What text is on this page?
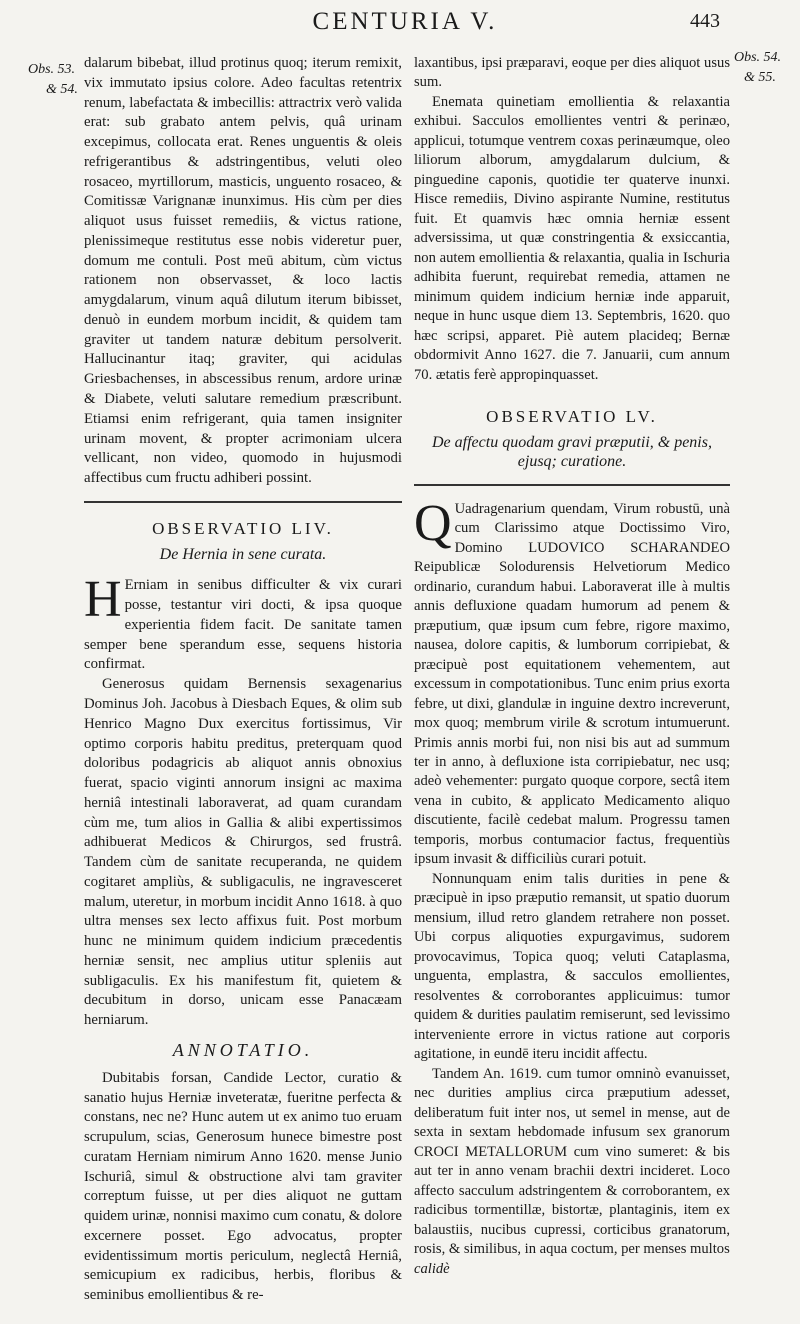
CENTURIA V.	443
Obs. 53.
& 54.
Obs. 54.
& 55.

dalarum bibebat, illud protinus quoq; iterum remixit, vix immutato ipsius colore. Adeo facultas retentrix renum, labefactata & imbecillis: attractrix verò valida erat: sub grabato antem pelvis, quâ urinam excepimus, collocata erat. Renes unguentis & oleis refrigerantibus & adstringentibus, veluti oleo rosaceo, myrtillorum, masticis, unguento rosaceo, & Comitissæ Varignanæ inunximus. His cùm per dies aliquot usus fuisset remediis, & victus ratione, plenissimeque restitutus esse nobis videretur puer, domum me contuli. Post meū abitum, cùm victus rationem non observasset, & loco lactis amygdalarum, vinum aquâ dilutum iterum bibisset, denuò in eundem morbum incidit, & quidem tam graviter ut tandem naturæ debitum persolverit. Hallucinantur itaq; graviter, qui acidulas Griesbachenses, in abscessibus renum, ardore urinæ & Diabete, veluti salutare remedium præscribunt. Etiamsi enim refrigerant, quia tamen insigniter urinam movent, & propter acrimoniam ulcera vellicant, non video, quomodo in hujusmodi affectibus cum fructu adhiberi possint.

OBSERVATIO LIV.
De Hernia in sene curata.

H Erniam in senibus difficulter & vix curari posse, testantur viri docti, & ipsa quoque experientia fidem facit. De sanitate tamen semper bene sperandum esse, sequens historia confirmat.

Generosus quidam Bernensis sexagenarius Dominus Joh. Jacobus à Diesbach Eques, & olim sub Henrico Magno Dux exercitus fortissimus, Vir optimo corporis habitu preditus, preterquam quod doloribus podagricis ab aliquot annis obnoxius fuerat, spacio viginti annorum insigni ac maxima herniâ intestinali laboraverat, ad quam curandam cùm me, tum alios in Gallia & alibi expertissimos adhibuerat Medicos & Chirurgos, sed frustrâ. Tandem cùm de sanitate recuperanda, ne quidem cogitaret ampliùs, & subligaculis, ne ingravesceret malum, uteretur, in morbum incidit Anno 1618. à quo ultra menses sex lecto affixus fuit. Post morbum hunc ne minimum quidem indicium præcedentis herniæ sensit, nec amplius utitur spleniis aut subligaculis. Ex his manifestum fit, quietem & decubitum in dorso, unicam esse Panacæam herniarum.

ANNOTATIO.

Dubitabis forsan, Candide Lector, curatio & sanatio hujus Herniæ inveteratæ, fueritne perfecta & constans, nec ne? Hunc autem ut ex animo tuo eruam scrupulum, scias, Generosum hunece bimestre post curatam Herniam nimirum Anno 1620. mense Junio Ischuriâ, simul & obstructione alvi tam graviter correptum fuisse, ut per dies aliquot ne guttam quidem urinæ, nonnisi maximo cum conatu, & dolore excernere posset. Ego advocatus, propter evidentissimum mortis periculum, neglectâ Herniâ, semicupium ex radicibus, herbis, floribus & seminibus emollientibus & re-

laxantibus, ipsi præparavi, eoque per dies aliquot usus sum.

Enemata quinetiam emollientia & relaxantia exhibui. Sacculos emollientes ventri & perinæo, applicui, totumque ventrem coxas perinæumque, oleo liliorum alborum, amygdalarum dulcium, & pinguedine caponis, quotidie ter quaterve inunxi. Hisce remediis, Divino aspirante Numine, restitutus fuit. Et quamvis hæc omnia herniæ essent adversissima, ut quæ constringentia & exsiccantia, non autem emollientia & relaxantia, qualia in Ischuria adhibita fuerunt, requirebat remedia, attamen ne minimum quidem indicium herniæ inde apparuit, neque in hunc usque diem 13. Septembris, 1620. quo hæc scripsi, apparet. Piè autem placideq; Bernæ obdormivit Anno 1627. die 7. Januarii, cum annum 70. ætatis ferè appropinquasset.

OBSERVATIO LV.
De affectu quodam gravi præputii, & penis, ejusq; curatione.

Q Uadragenarium quendam, Virum robustū, unà cum Clarissimo atque Doctissimo Viro, Domino LUDOVICO SCHARANDEO Reipublicæ Solodurensis Helvetiorum Medico ordinario, curandum habui. Laboraverat ille à multis annis defluxione quadam humorum ad penem & præputium, quæ ipsum cum febre, rigore maximo, nausea, dolore capitis, & lumborum corripiebat, & præcipuè post equitationem vehementem, aut excessum in compotationibus. Tunc enim prius exorta febre, ut dixi, glandulæ in inguine dextro increverunt, mox quoq; membrum virile & scrotum intumuerunt. Primis annis morbi fui, non nisi bis aut ad summum ter in anno, à defluxione ista corripiebatur, nec usq; adeò vehementer: purgato quoque corpore, sectâ item vena in cubito, & applicato Medicamento aliquo discutiente, facilè cedebat malum. Progressu tamen temporis, morbus contumacior factus, frequentiùs ipsum invasit & difficiliùs curari potuit.

Nonnunquam enim talis durities in pene & præcipuè in ipso præputio remansit, ut spatio duorum mensium, illud retro glandem retrahere non posset. Ubi corpus aliquoties expurgavimus, sudorem provocavimus, Topica quoq; veluti Cataplasma, unguenta, emplastra, & sacculos emollientes, resolventes & corroborantes applicuimus: tumor quidem & durities paulatim remiserunt, sed levissimo interveniente errore in victus ratione aut corporis agitatione, in eundē iteru incidit affectu.

Tandem An. 1619. cum tumor omninò evanuisset, nec durities amplius circa præputium adesset, deliberatum fuit inter nos, ut semel in mense, aut de sexta in sextam hebdomade infusum sex granorum CROCI METALLORUM cum vino sumeret: & bis aut ter in anno venam brachii dextri incideret. Loco affecto sacculum adstringentem & corroborantem, ex radicibus tormentillæ, bistortæ, plantaginis, item ex balaustiis, nucibus cupressi, corticibus granatorum, rosis, & similibus, in aqua coctum, per menses multos

calidè
